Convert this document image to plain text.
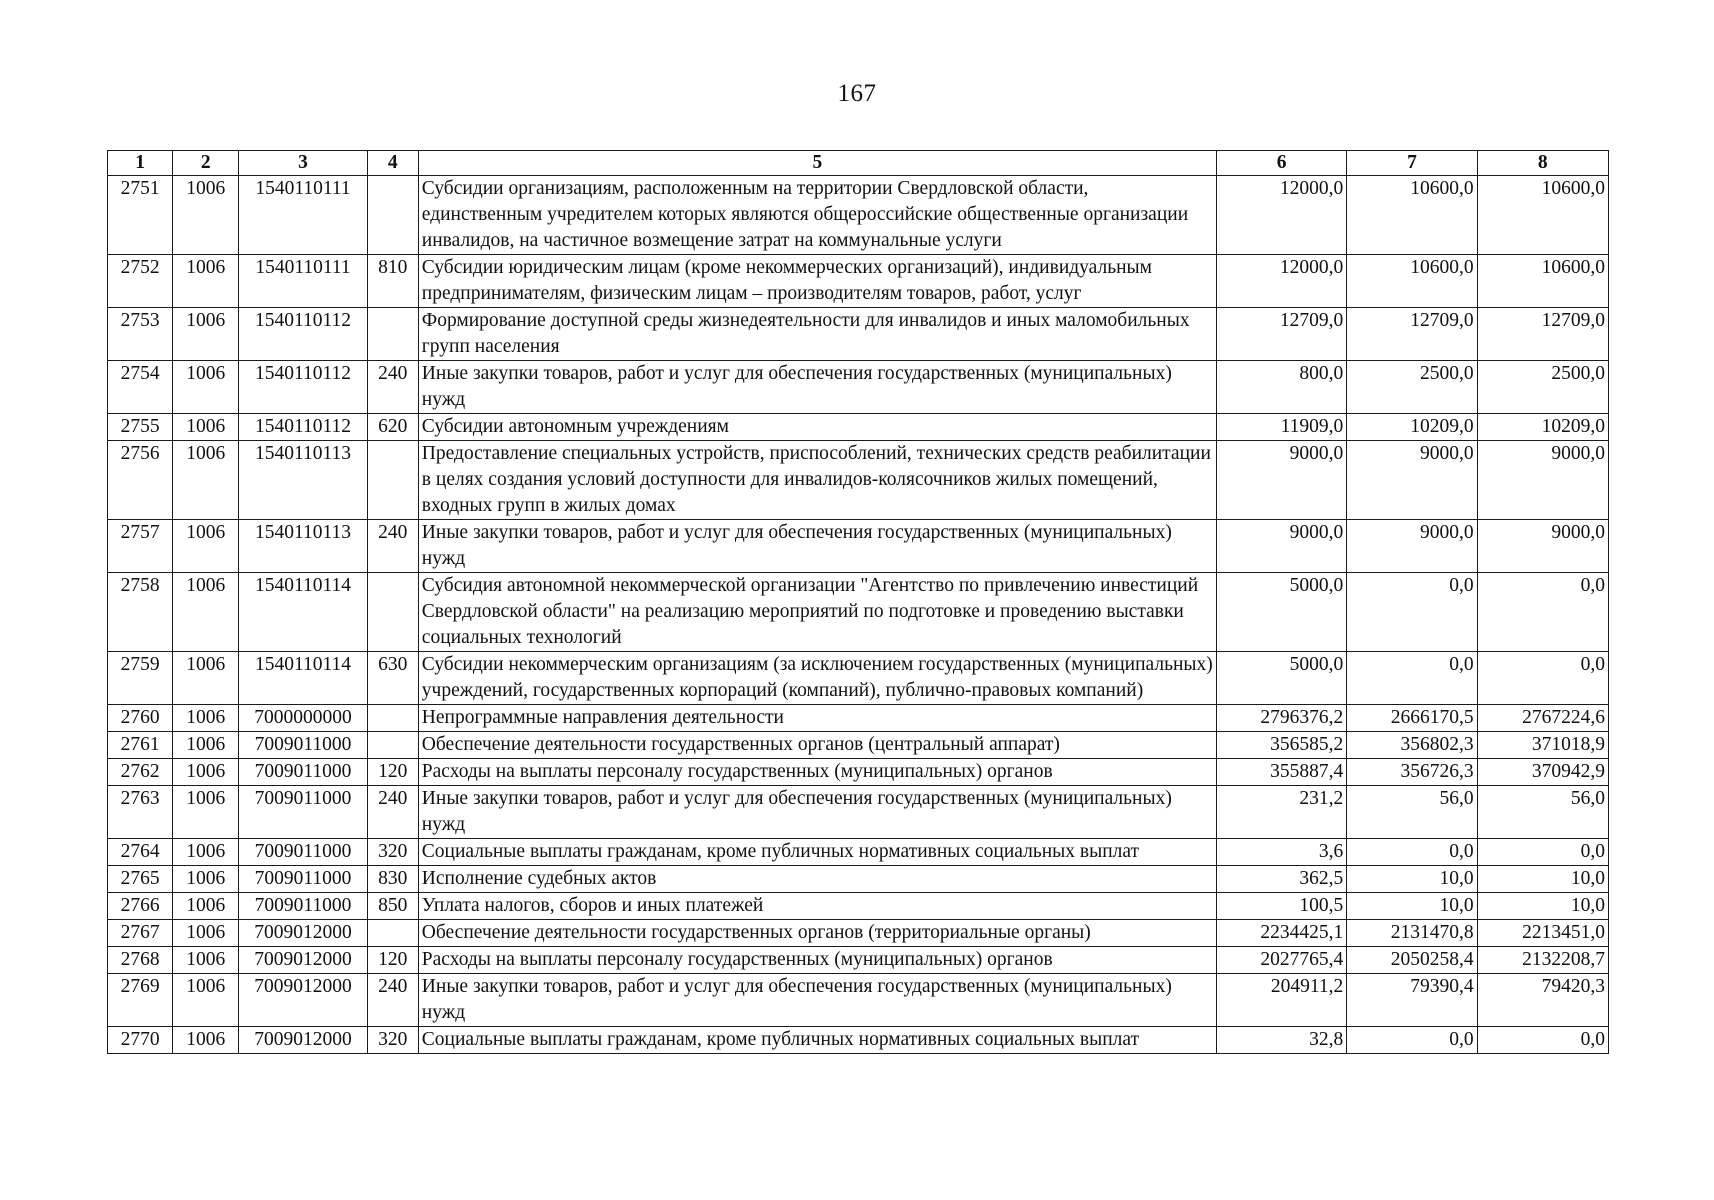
167
1	2	3	4	5	6	7	8
2751	1006	1540110111		Субсидии организациям, расположенным на территории Свердловской области, единственным учредителем которых являются общероссийские общественные организации инвалидов, на частичное возмещение затрат на коммунальные услуги	12000,0	10600,0	10600,0
2752	1006	1540110111	810	Субсидии юридическим лицам (кроме некоммерческих организаций), индивидуальным предпринимателям, физическим лицам – производителям товаров, работ, услуг	12000,0	10600,0	10600,0
2753	1006	1540110112		Формирование доступной среды жизнедеятельности для инвалидов и иных маломобильных групп населения	12709,0	12709,0	12709,0
2754	1006	1540110112	240	Иные закупки товаров, работ и услуг для обеспечения государственных (муниципальных) нужд	800,0	2500,0	2500,0
2755	1006	1540110112	620	Субсидии автономным учреждениям	11909,0	10209,0	10209,0
2756	1006	1540110113		Предоставление специальных устройств, приспособлений, технических средств реабилитации в целях создания условий доступности для инвалидов-колясочников жилых помещений, входных групп в жилых домах	9000,0	9000,0	9000,0
2757	1006	1540110113	240	Иные закупки товаров, работ и услуг для обеспечения государственных (муниципальных) нужд	9000,0	9000,0	9000,0
2758	1006	1540110114		Субсидия автономной некоммерческой организации "Агентство по привлечению инвестиций Свердловской области" на реализацию мероприятий по подготовке и проведению выставки социальных технологий	5000,0	0,0	0,0
2759	1006	1540110114	630	Субсидии некоммерческим организациям (за исключением государственных (муниципальных) учреждений, государственных корпораций (компаний), публично-правовых компаний)	5000,0	0,0	0,0
2760	1006	7000000000		Непрограммные направления деятельности	2796376,2	2666170,5	2767224,6
2761	1006	7009011000		Обеспечение деятельности государственных органов (центральный аппарат)	356585,2	356802,3	371018,9
2762	1006	7009011000	120	Расходы на выплаты персоналу государственных (муниципальных) органов	355887,4	356726,3	370942,9
2763	1006	7009011000	240	Иные закупки товаров, работ и услуг для обеспечения государственных (муниципальных) нужд	231,2	56,0	56,0
2764	1006	7009011000	320	Социальные выплаты гражданам, кроме публичных нормативных социальных выплат	3,6	0,0	0,0
2765	1006	7009011000	830	Исполнение судебных актов	362,5	10,0	10,0
2766	1006	7009011000	850	Уплата налогов, сборов и иных платежей	100,5	10,0	10,0
2767	1006	7009012000		Обеспечение деятельности государственных органов (территориальные органы)	2234425,1	2131470,8	2213451,0
2768	1006	7009012000	120	Расходы на выплаты персоналу государственных (муниципальных) органов	2027765,4	2050258,4	2132208,7
2769	1006	7009012000	240	Иные закупки товаров, работ и услуг для обеспечения государственных (муниципальных) нужд	204911,2	79390,4	79420,3
2770	1006	7009012000	320	Социальные выплаты гражданам, кроме публичных нормативных социальных выплат	32,8	0,0	0,0
